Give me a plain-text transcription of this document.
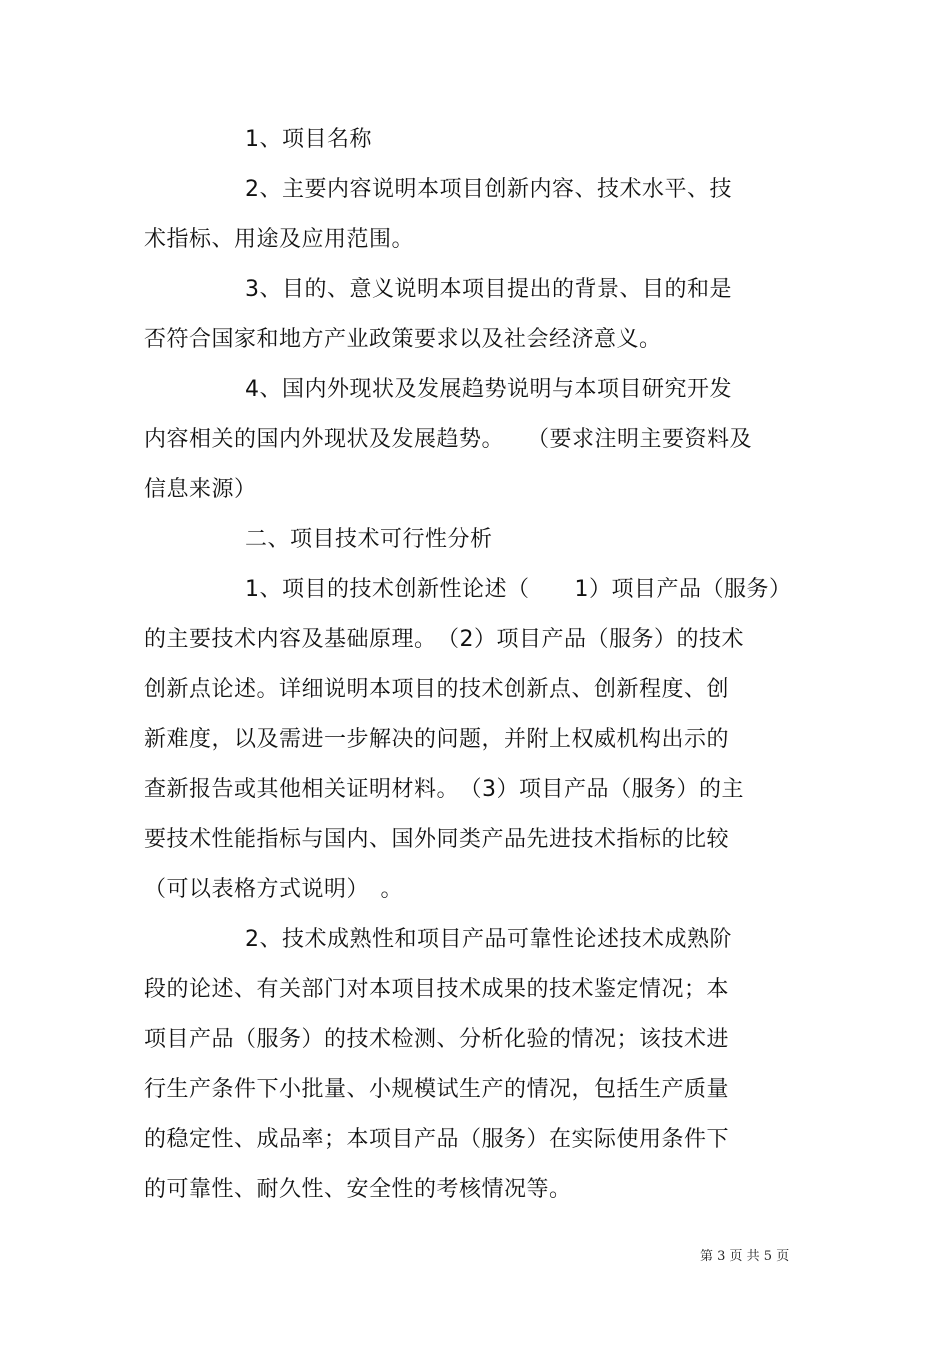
1、项目名称
2、主要内容说明本项目创新内容、技术水平、技
术指标、用途及应用范围。
3、目的、意义说明本项目提出的背景、目的和是
否符合国家和地方产业政策要求以及社会经济意义。
4、国内外现状及发展趋势说明与本项目研究开发
内容相关的国内外现状及发展趋势。　　（要求注明主要资料及
信息来源）
二、项目技术可行性分析
1、项目的技术创新性论述（　　1）项目产品（服务）
的主要技术内容及基础原理。　（2）项目产品（服务）的技术
创新点论述。详细说明本项目的技术创新点、创新程度、创
新难度，以及需进一步解决的问题，并附上权威机构出示的
查新报告或其他相关证明材料。　（3）项目产品（服务）的主
要技术性能指标与国内、国外同类产品先进技术指标的比较
（可以表格方式说明）　。
2、技术成熟性和项目产品可靠性论述技术成熟阶
段的论述、有关部门对本项目技术成果的技术鉴定情况；本
项目产品（服务）的技术检测、分析化验的情况；该技术进
行生产条件下小批量、小规模试生产的情况，包括生产质量
的稳定性、成品率；本项目产品（服务）在实际使用条件下
的可靠性、耐久性、安全性的考核情况等。
第 3 页 共 5 页
